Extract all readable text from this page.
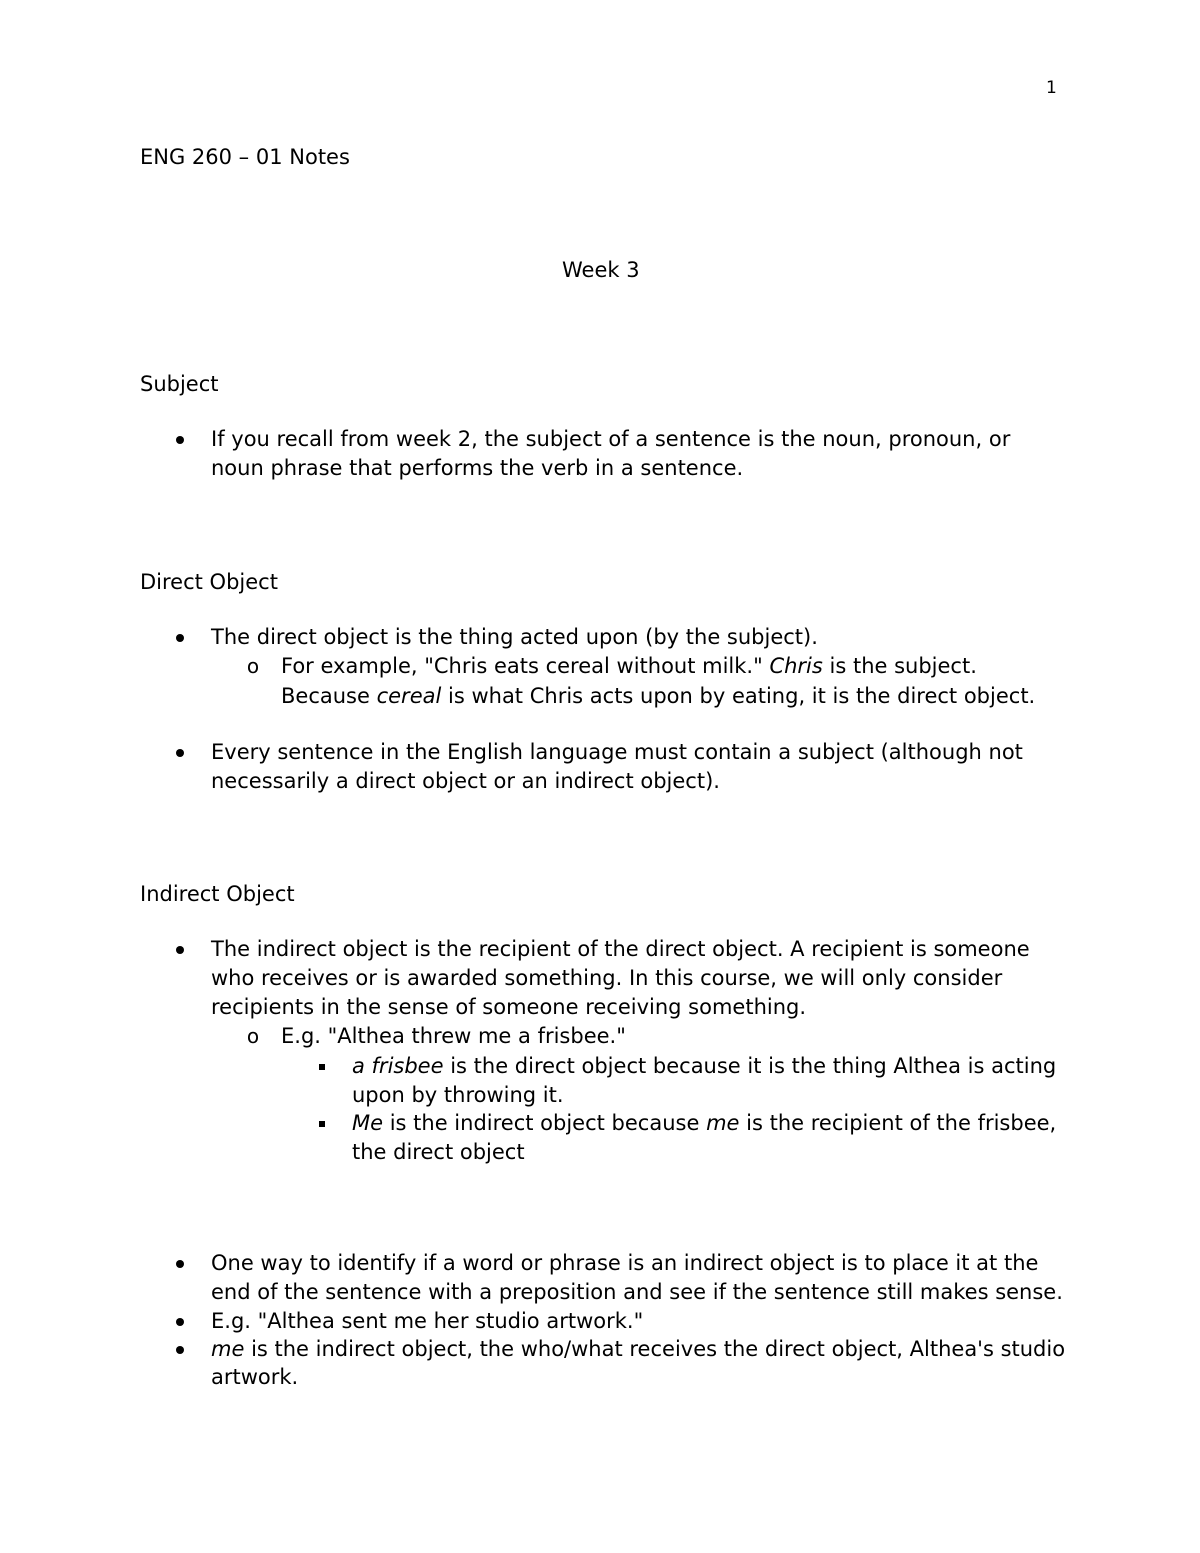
1
ENG 260 – 01 Notes
Week 3
Subject
If you recall from week 2, the subject of a sentence is the noun, pronoun, or
noun phrase that performs the verb in a sentence.
Direct Object
The direct object is the thing acted upon (by the subject).
o For example, "Chris eats cereal without milk." Chris is the subject.
Because cereal is what Chris acts upon by eating, it is the direct object.
Every sentence in the English language must contain a subject (although not
necessarily a direct object or an indirect object).
Indirect Object
The indirect object is the recipient of the direct object. A recipient is someone
who receives or is awarded something. In this course, we will only consider
recipients in the sense of someone receiving something.
o E.g. "Althea threw me a frisbee."
a frisbee is the direct object because it is the thing Althea is acting
upon by throwing it.
Me is the indirect object because me is the recipient of the frisbee,
the direct object
One way to identify if a word or phrase is an indirect object is to place it at the
end of the sentence with a preposition and see if the sentence still makes sense.
E.g. "Althea sent me her studio artwork."
me is the indirect object, the who/what receives the direct object, Althea's studio
artwork.
